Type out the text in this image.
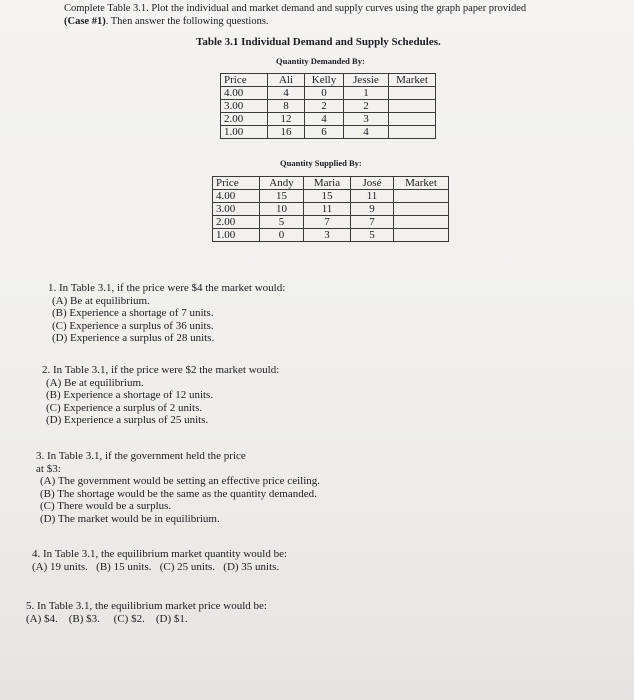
Complete Table 3.1. Plot the individual and market demand and supply curves using the graph paper provided
(Case #1). Then answer the following questions.
Table 3.1 Individual Demand and Supply Schedules.
Quantity Demanded By:
Price	Ali	Kelly	Jessie	Market
4.00	4	0	1	
3.00	8	2	2	
2.00	12	4	3	
1.00	16	6	4	
Quantity Supplied By:
Price	Andy	Maria	José	Market
4.00	15	15	11	
3.00	10	11	9	
2.00	5	7	7	
1.00	0	3	5	
1. In Table 3.1, if the price were $4 the market would:
(A) Be at equilibrium.
(B) Experience a shortage of 7 units.
(C) Experience a surplus of 36 units.
(D) Experience a surplus of 28 units.
2. In Table 3.1, if the price were $2 the market would:
(A) Be at equilibrium.
(B) Experience a shortage of 12 units.
(C) Experience a surplus of 2 units.
(D) Experience a surplus of 25 units.
3. In Table 3.1, if the government held the price
at $3:
(A) The government would be setting an effective price ceiling.
(B) The shortage would be the same as the quantity demanded.
(C) There would be a surplus.
(D) The market would be in equilibrium.
4. In Table 3.1, the equilibrium market quantity would be:
(A) 19 units.   (B) 15 units.   (C) 25 units.   (D) 35 units.
5. In Table 3.1, the equilibrium market price would be:
(A) $4.    (B) $3.     (C) $2.    (D) $1.
